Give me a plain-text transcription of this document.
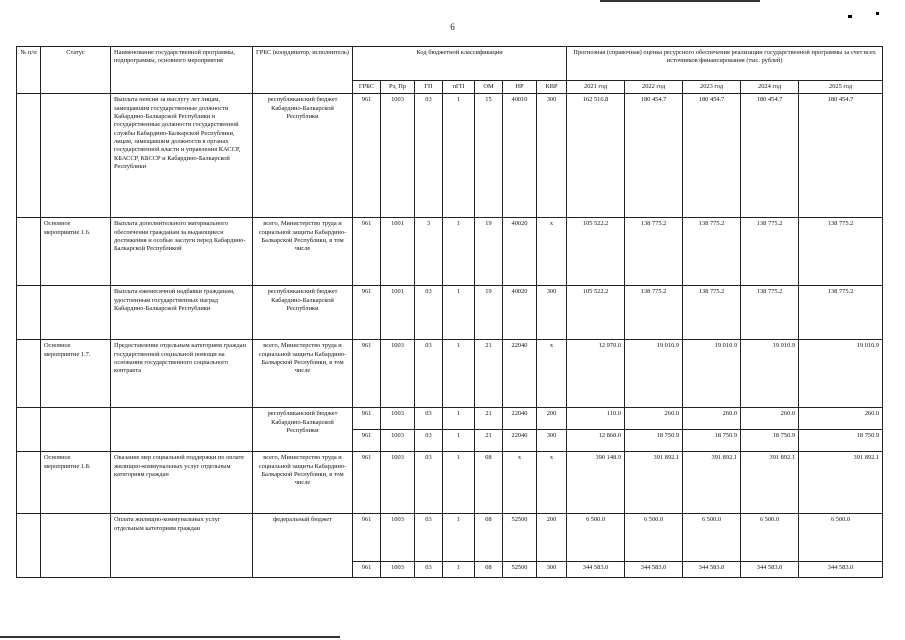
6
№ п/п	Статус	Наименование государственной программы, подпрограммы, основного мероприятия	ГРБС (координатор, исполнитель)	Код бюджетной классификации							Прогнозная (справочная) оценка ресурсного обеспечения реализации государственной программы за счет всех источников финансирования (тыс. рублей)				
				ГРБС	Рз, Пр	ГП	пГП	ОМ	НР	КВР	2021 год	2022 год	2023 год	2024 год	2025 год
		Выплата пенсии за выслугу лет лицам, замещавшим государственные должности Кабардино-Балкарской Республики и государственные должности государственной службы Кабардино-Балкарской Республики, лицам, замещавшим должности в органах государственной власти и управления КАССР, КБАССР, КБССР и Кабардино-Балкарской Республики	республиканский бюджет Кабардино-Балкарской Республики	961	1003	03	1	15	40010	300	162 516.8	180 454.7	180 454.7	180 454.7	180 454.7
	Основное мероприятие 1.6.	Выплата дополнительного материального обеспечения гражданам за выдающиеся достижения и особые заслуги перед Кабардино-Балкарской Республикой	всего, Министерство труда и социальной защиты Кабардино-Балкарской Республики, в том числе	961	1001	3	1	19	40020	х	105 522.2	138 775.2	138 775.2	138 775.2	138 775.2
		Выплата ежемесячной надбавки гражданам, удостоенным государственных наград Кабардино-Балкарской Республики	республиканский бюджет Кабардино-Балкарской Республики	961	1001	03	1	19	40020	300	105 522.2	138 775.2	138 775.2	138 775.2	138 775.2
	Основное мероприятие 1.7.	Предоставление отдельным категориям граждан государственной социальной помощи на основании государственного социального контракта	всего, Министерство труда и социальной защиты Кабардино-Балкарской Республики, в том числе	961	1003	03	1	21	22040	х	12 970.0	19 010.9	19 010.9	19 010.9	19 010.9
			республиканский бюджет Кабардино-Балкарской Республики	961	1003	03	1	21	22040	200	110.0	260.0	260.0	260.0	260.0
				961	1003	03	1	21	22040	300	12 860.0	18 750.9	18 750.9	18 750.9	18 750.9
	Основное мероприятие 1.8.	Оказание мер социальной поддержки по оплате жилищно-коммунальных услуг отдельным категориям граждан	всего, Министерство труда и социальной защиты Кабардино-Балкарской Республики, в том числе	961	1003	03	1	08	х	х	390 148.9	391 892.1	391 892.1	391 892.1	391 892.1
		Оплата жилищно-коммунальных услуг отдельным категориям граждан	федеральный бюджет	961	1003	03	1	08	52500	200	6 500.0	6 500.0	6 500.0	6 500.0	6 500.0
				961	1003	03	1	08	52500	300	344 583.0	344 583.0	344 583.0	344 583.0	344 583.0
